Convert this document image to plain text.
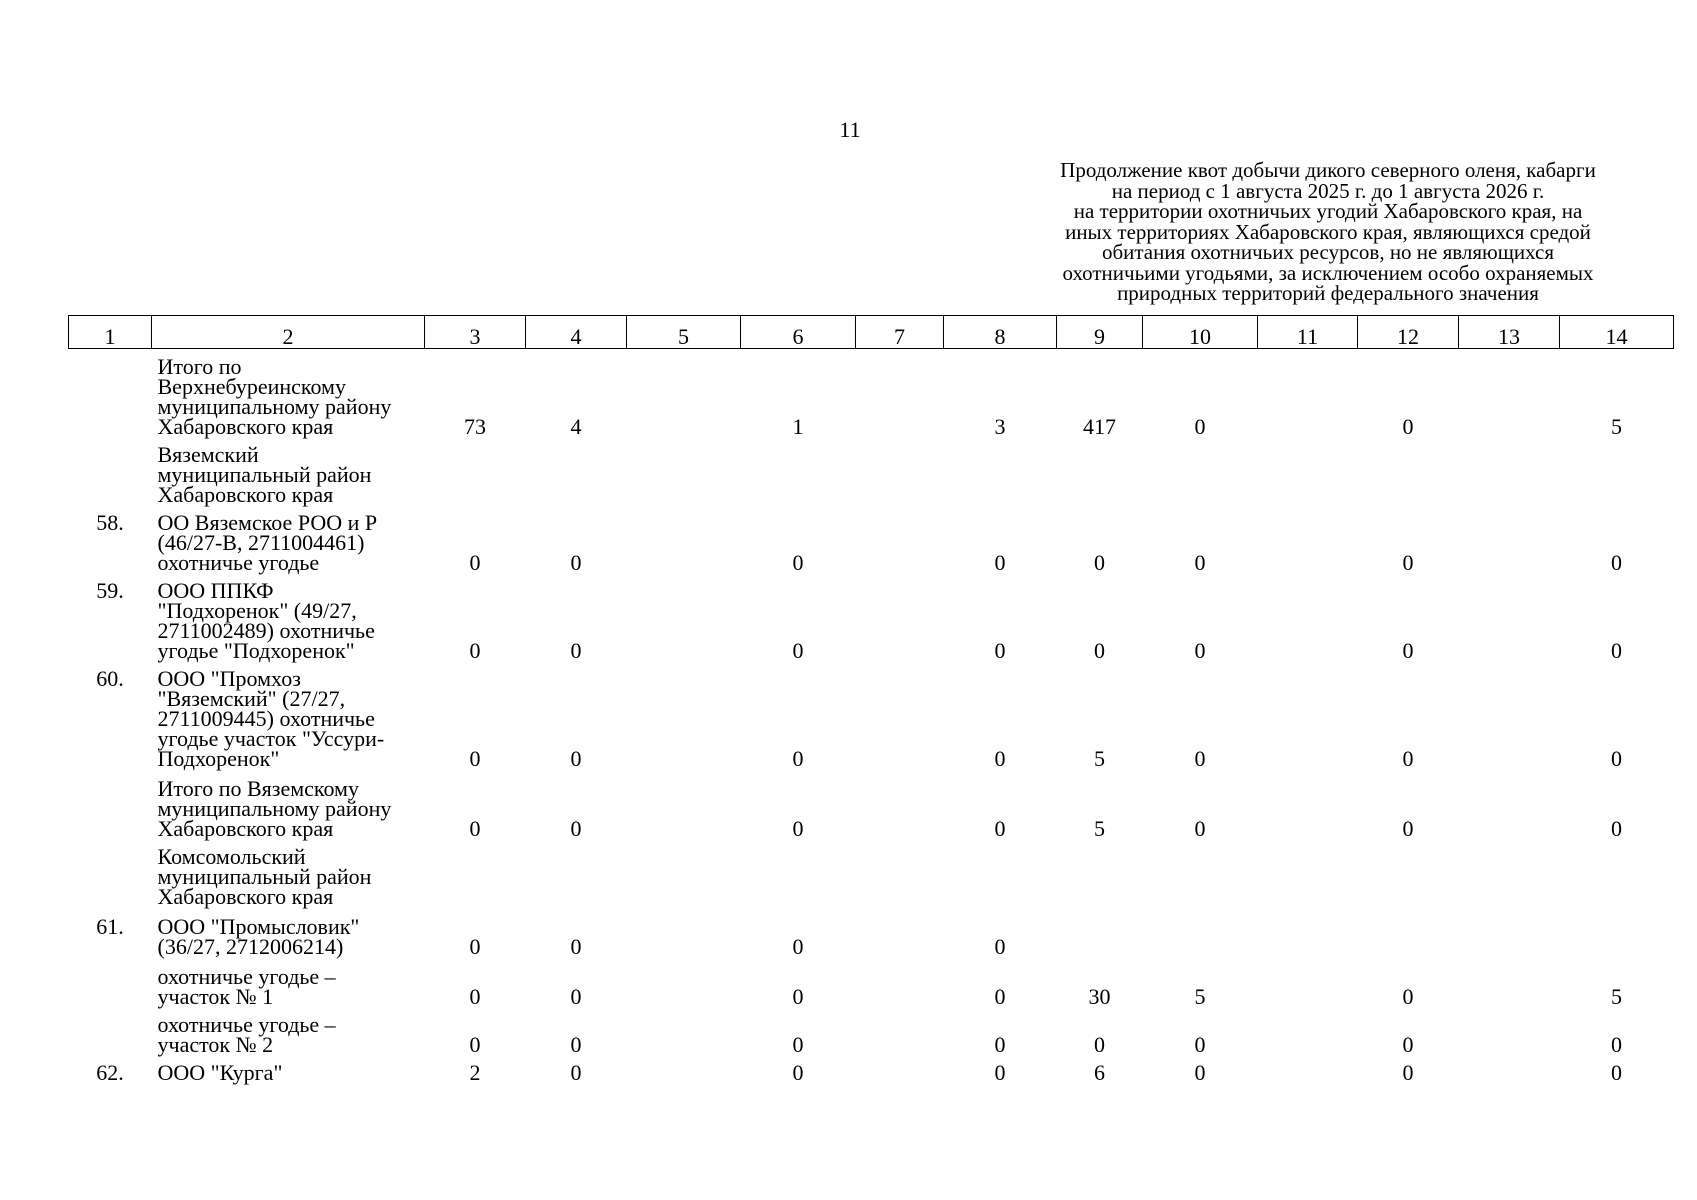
11
Продолжение квот добычи дикого северного оленя, кабарги
на период с 1 августа 2025 г. до 1 августа 2026 г.
на территории охотничьих угодий Хабаровского края, на
иных территориях Хабаровского края, являющихся средой
обитания охотничьих ресурсов, но не являющихся
охотничьими угодьями, за исключением особо охраняемых
природных территорий федерального значения
1	2	3	4	5	6	7	8	9	10	11	12	13	14

	Итого по
Верхнебуреинскому
муниципальному району
Хабаровского края	73	4		1		3	417	0		0		5

	Вяземский
муниципальный район
Хабаровского края												

58.	ОО Вяземское РОО и Р
(46/27-В, 2711004461)
охотничье угодье	0	0		0		0	0	0		0		0
59.	ООО ППКФ
"Подхоренок" (49/27,
2711002489) охотничье
угодье "Подхоренок"	0	0		0		0	0	0		0		0
60.	ООО "Промхоз
"Вяземский" (27/27,
2711009445) охотничье
угодье участок "Уссури-
Подхоренок"	0	0		0		0	5	0		0		0

	Итого по Вяземскому
муниципальному району
Хабаровского края	0	0		0		0	5	0		0		0

	Комсомольский
муниципальный район
Хабаровского края												

61.	ООО "Промысловик"
(36/27, 2712006214)	0	0		0		0						

	охотничье угодье –
участок № 1	0	0		0		0	30	5		0		5

	охотничье угодье –
участок № 2	0	0		0		0	0	0		0		0
62.	ООО "Курга"	2	0		0		0	6	0		0		0
